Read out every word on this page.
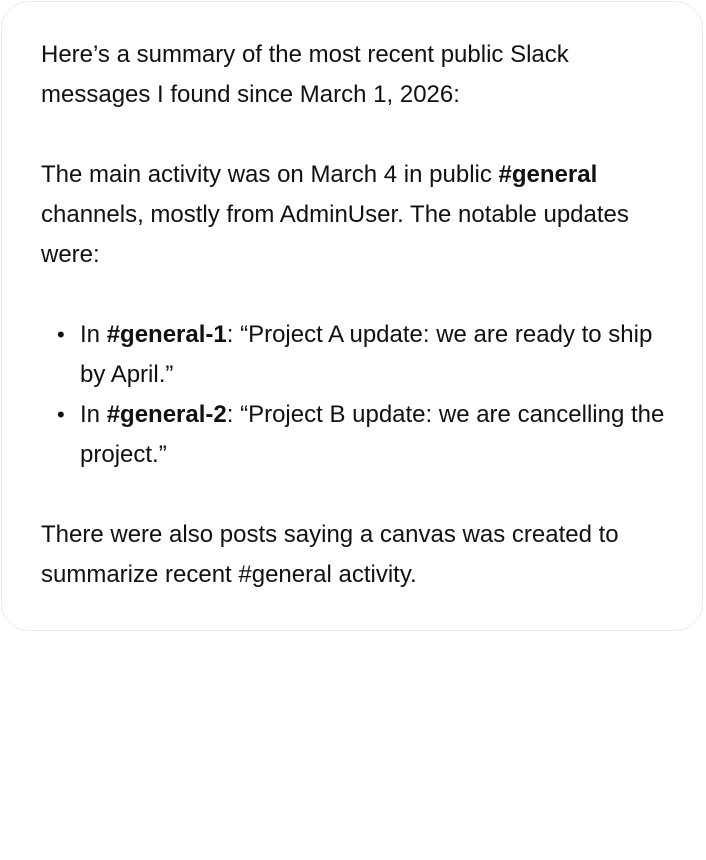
Here’s a summary of the most recent public Slack messages I found since March 1, 2026:

The main activity was on March 4 in public #general channels, mostly from AdminUser. The notable updates were:

• In #general-1: “Project A update: we are ready to ship by April.”
• In #general-2: “Project B update: we are cancelling the project.”

There were also posts saying a canvas was created to summarize recent #general activity.
